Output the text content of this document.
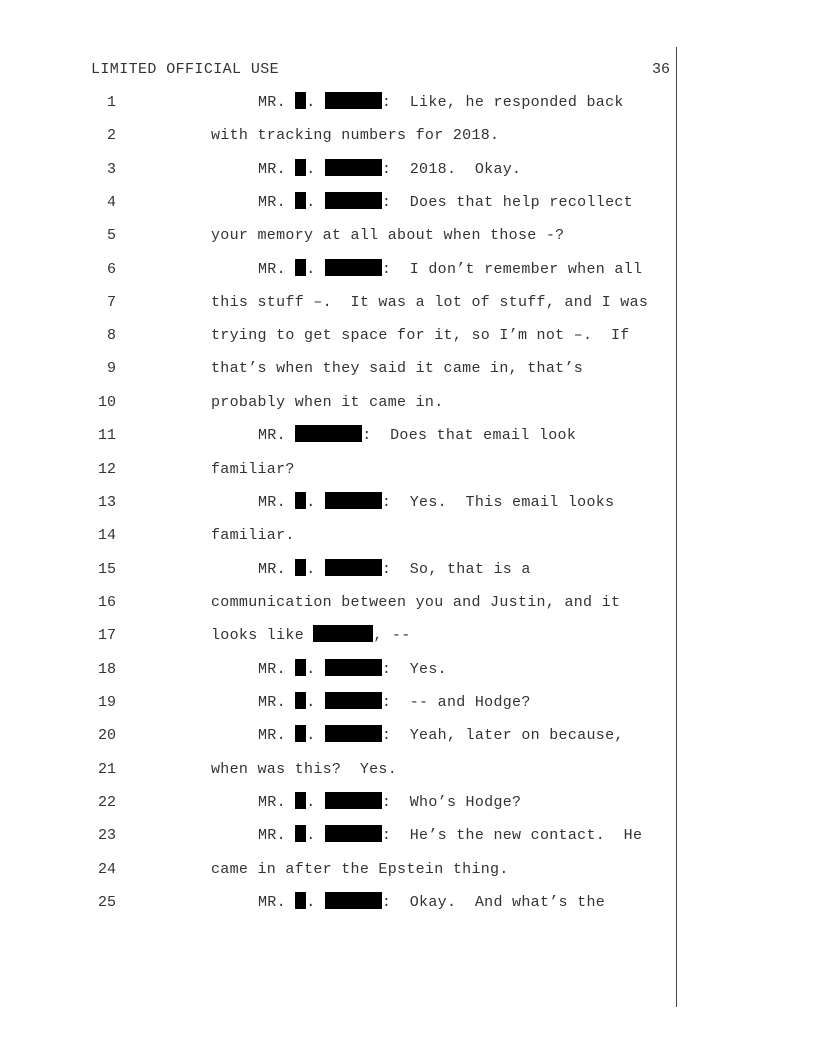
LIMITED OFFICIAL USE	36
1	MR. .	:  Like, he responded back
2	with tracking numbers for 2018.
3	MR. .	:  2018.  Okay.
4	MR. .	:  Does that help recollect
5	your memory at all about when those -?
6	MR. .	:  I don’t remember when all
7	this stuff –.  It was a lot of stuff, and I was
8	trying to get space for it, so I’m not –.  If
9	that’s when they said it came in, that’s
10	probably when it came in.
11	MR.	:  Does that email look
12	familiar?
13	MR. .	:  Yes.  This email looks
14	familiar.
15	MR. .	:  So, that is a
16	communication between you and Justin, and it
17	looks like	, --
18	MR. .	:  Yes.
19	MR. .	:  -- and Hodge?
20	MR. .	:  Yeah, later on because,
21	when was this?  Yes.
22	MR. .	:  Who’s Hodge?
23	MR. .	:  He’s the new contact.  He
24	came in after the Epstein thing.
25	MR. .	:  Okay.  And what’s the
